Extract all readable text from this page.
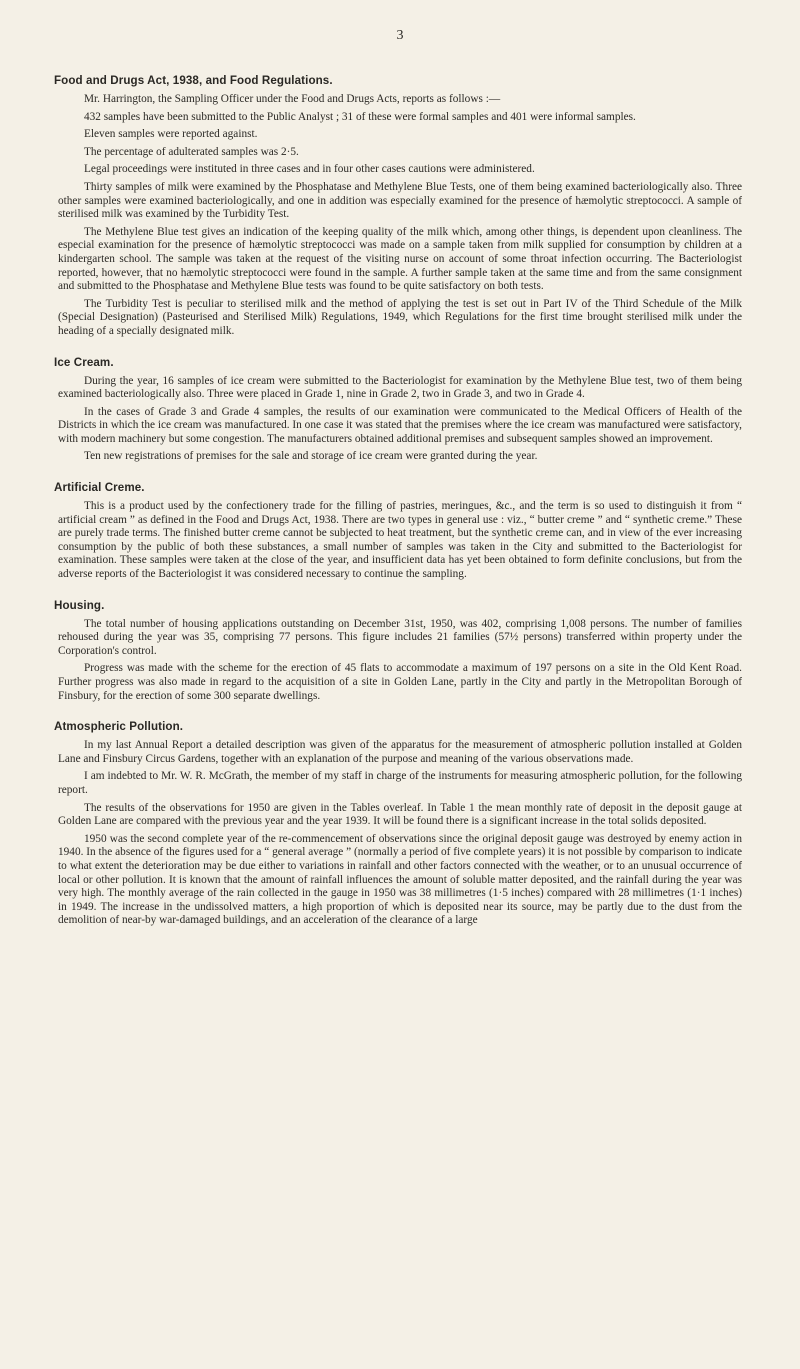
3
Food and Drugs Act, 1938, and Food Regulations.

Mr. Harrington, the Sampling Officer under the Food and Drugs Acts, reports as follows :—

432 samples have been submitted to the Public Analyst ; 31 of these were formal samples and 401 were informal samples.

Eleven samples were reported against.

The percentage of adulterated samples was 2·5.

Legal proceedings were instituted in three cases and in four other cases cautions were administered.

Thirty samples of milk were examined by the Phosphatase and Methylene Blue Tests, one of them being examined bacteriologically also. Three other samples were examined bacteriologically, and one in addition was especially examined for the presence of hæmolytic streptococci. A sample of sterilised milk was examined by the Turbidity Test.

The Methylene Blue test gives an indication of the keeping quality of the milk which, among other things, is dependent upon cleanliness. The especial examination for the presence of hæmolytic streptococci was made on a sample taken from milk supplied for consumption by children at a kindergarten school. The sample was taken at the request of the visiting nurse on account of some throat infection occurring. The Bacteriologist reported, however, that no hæmolytic streptococci were found in the sample. A further sample taken at the same time and from the same consignment and submitted to the Phosphatase and Methylene Blue tests was found to be quite satisfactory on both tests.

The Turbidity Test is peculiar to sterilised milk and the method of applying the test is set out in Part IV of the Third Schedule of the Milk (Special Designation) (Pasteurised and Sterilised Milk) Regulations, 1949, which Regulations for the first time brought sterilised milk under the heading of a specially designated milk.

Ice Cream.

During the year, 16 samples of ice cream were submitted to the Bacteriologist for examination by the Methylene Blue test, two of them being examined bacteriologically also. Three were placed in Grade 1, nine in Grade 2, two in Grade 3, and two in Grade 4.

In the cases of Grade 3 and Grade 4 samples, the results of our examination were communicated to the Medical Officers of Health of the Districts in which the ice cream was manufactured. In one case it was stated that the premises where the ice cream was manufactured were satisfactory, with modern machinery but some congestion. The manufacturers obtained additional premises and subsequent samples showed an improvement.

Ten new registrations of premises for the sale and storage of ice cream were granted during the year.

Artificial Creme.

This is a product used by the confectionery trade for the filling of pastries, meringues, &c., and the term is so used to distinguish it from “ artificial cream ” as defined in the Food and Drugs Act, 1938. There are two types in general use : viz., “ butter creme ” and “ synthetic creme.” These are purely trade terms. The finished butter creme cannot be subjected to heat treatment, but the synthetic creme can, and in view of the ever increasing consumption by the public of both these substances, a small number of samples was taken in the City and submitted to the Bacteriologist for examination. These samples were taken at the close of the year, and insufficient data has yet been obtained to form definite conclusions, but from the adverse reports of the Bacteriologist it was considered necessary to continue the sampling.

Housing.

The total number of housing applications outstanding on December 31st, 1950, was 402, comprising 1,008 persons. The number of families rehoused during the year was 35, comprising 77 persons. This figure includes 21 families (57½ persons) transferred within property under the Corporation's control.

Progress was made with the scheme for the erection of 45 flats to accommodate a maximum of 197 persons on a site in the Old Kent Road. Further progress was also made in regard to the acquisition of a site in Golden Lane, partly in the City and partly in the Metropolitan Borough of Finsbury, for the erection of some 300 separate dwellings.

Atmospheric Pollution.

In my last Annual Report a detailed description was given of the apparatus for the measurement of atmospheric pollution installed at Golden Lane and Finsbury Circus Gardens, together with an explanation of the purpose and meaning of the various observations made.

I am indebted to Mr. W. R. McGrath, the member of my staff in charge of the instruments for measuring atmospheric pollution, for the following report.

The results of the observations for 1950 are given in the Tables overleaf. In Table 1 the mean monthly rate of deposit in the deposit gauge at Golden Lane are compared with the previous year and the year 1939. It will be found there is a significant increase in the total solids deposited.

1950 was the second complete year of the re-commencement of observations since the original deposit gauge was destroyed by enemy action in 1940. In the absence of the figures used for a “ general average ” (normally a period of five complete years) it is not possible by comparison to indicate to what extent the deterioration may be due either to variations in rainfall and other factors connected with the weather, or to an unusual occurrence of local or other pollution. It is known that the amount of rainfall influences the amount of soluble matter deposited, and the rainfall during the year was very high. The monthly average of the rain collected in the gauge in 1950 was 38 millimetres (1·5 inches) compared with 28 millimetres (1·1 inches) in 1949. The increase in the undissolved matters, a high proportion of which is deposited near its source, may be partly due to the dust from the demolition of near-by war-damaged buildings, and an acceleration of the clearance of a large
